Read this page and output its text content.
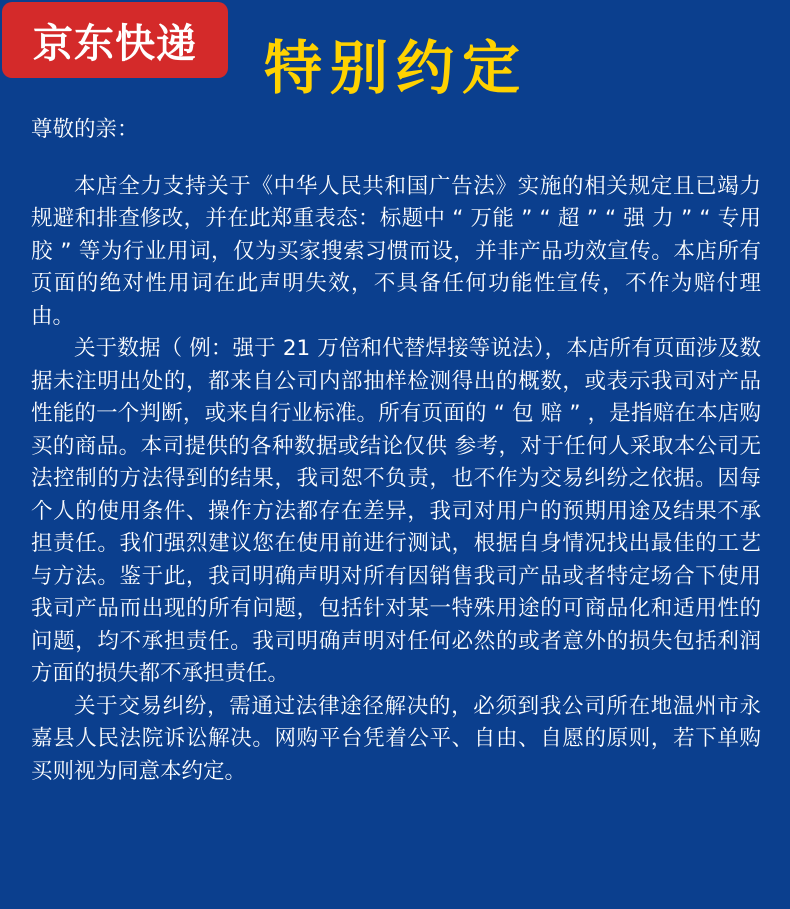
京东快递 特别约定

尊敬的亲：

本店全力支持关于《中华人民共和国广告法》实施的相关规定且已竭力规避和排查修改，并在此郑重表态：标题中 “ 万能 ” “ 超 ” “ 强 力 ” “ 专用胶 ” 等为行业用词，仅为买家搜索习惯而设，并非产品功效宣传。本店所有页面的绝对性用词在此声明失效，不具备任何功能性宣传，不作为赔付理由。

关于数据（ 例：强于 21 万倍和代替焊接等说法），本店所有页面涉及数据未注明出处的，都来自公司内部抽样检测得出的概数，或表示我司对产品性能的一个判断，或来自行业标准。所有页面的 “ 包 赔 ” ，是指赔在本店购买的商品。本司提供的各种数据或结论仅供 参考，对于任何人采取本公司无法控制的方法得到的结果，我司恕不负责，也不作为交易纠纷之依据。因每个人的使用条件、操作方法都存在差异，我司对用户的预期用途及结果不承担责任。我们强烈建议您在使用前进行测试，根据自身情况找出最佳的工艺与方法。鉴于此，我司明确声明对所有因销售我司产品或者特定场合下使用我司产品而出现的所有问题，包括针对某一特殊用途的可商品化和适用性的问题，均不承担责任。我司明确声明对任何必然的或者意外的损失包括利润方面的损失都不承担责任。

关于交易纠纷，需通过法律途径解决的，必须到我公司所在地温州市永嘉县人民法院诉讼解决。网购平台凭着公平、自由、自愿的原则，若下单购买则视为同意本约定。
